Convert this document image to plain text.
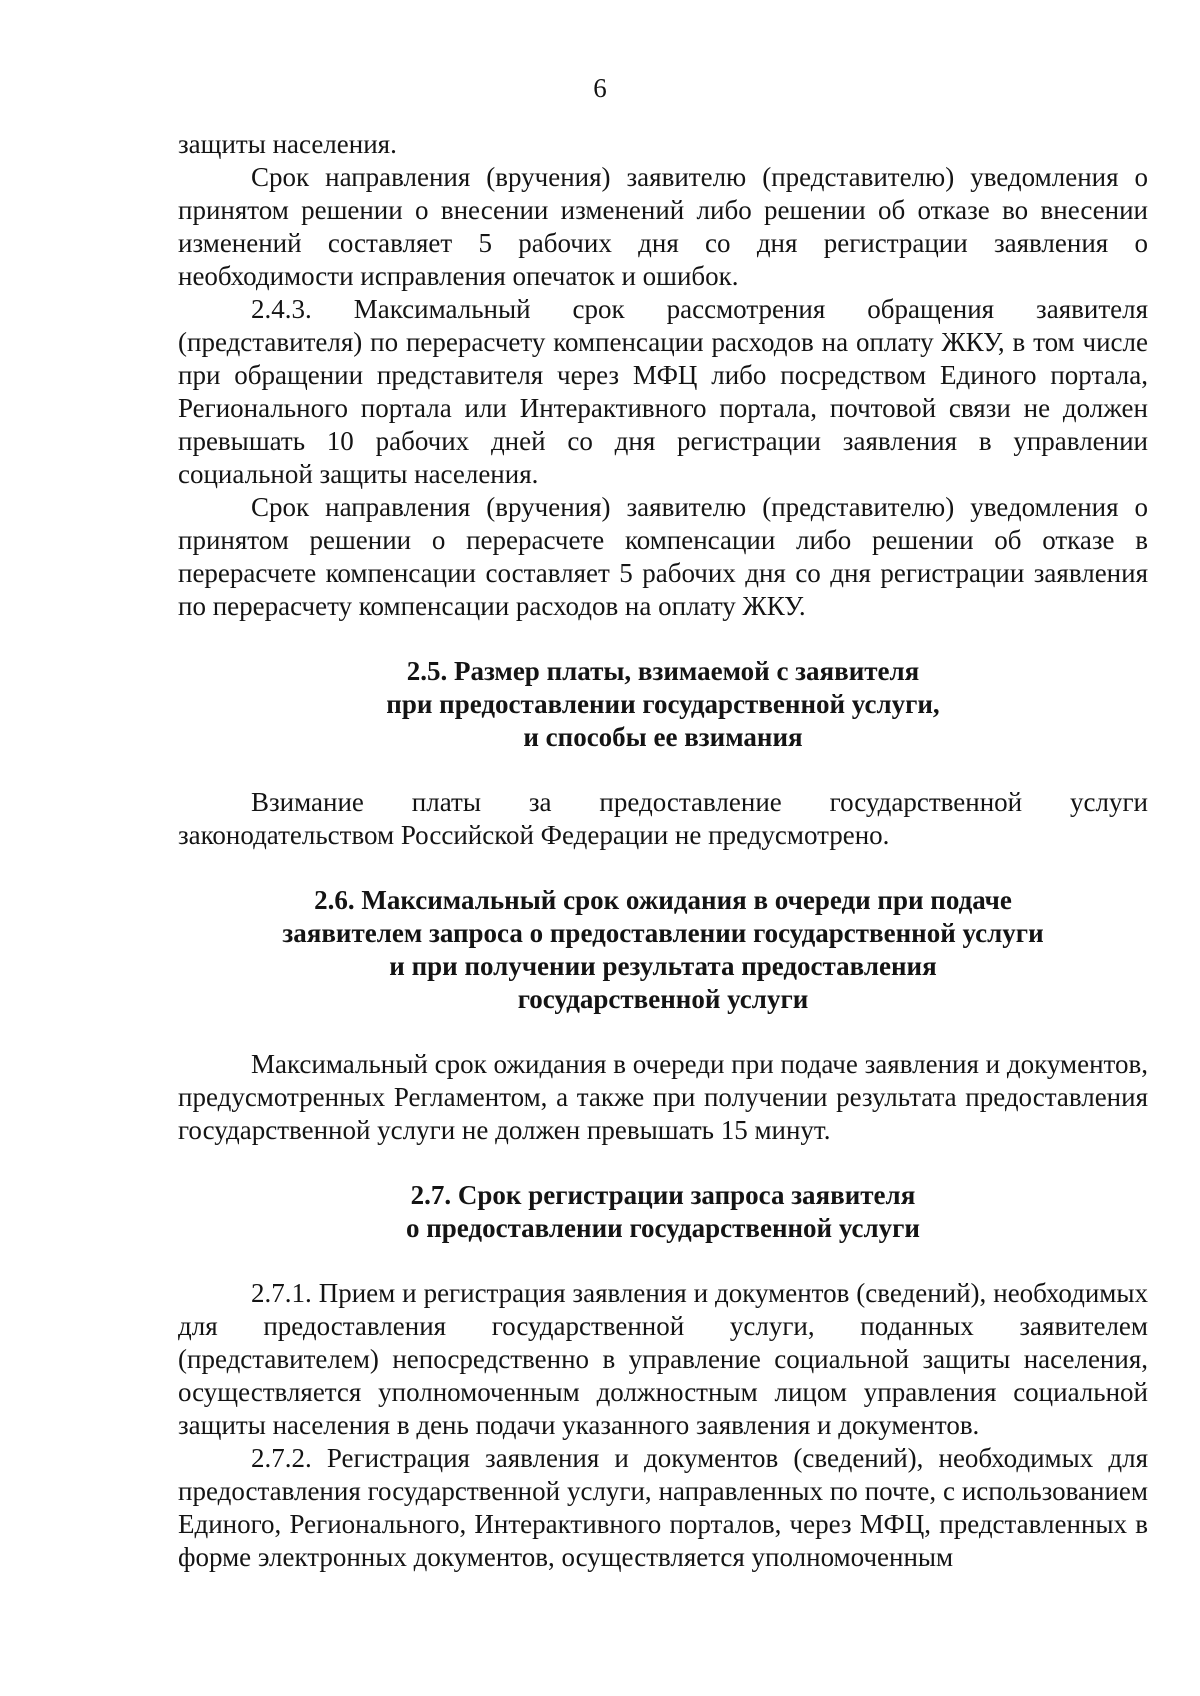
6

защиты населения.

Срок направления (вручения) заявителю (представителю) уведомления о принятом решении о внесении изменений либо решении об отказе во внесении изменений составляет 5 рабочих дня со дня регистрации заявления о необходимости исправления опечаток и ошибок.

2.4.3. Максимальный срок рассмотрения обращения заявителя (представителя) по перерасчету компенсации расходов на оплату ЖКУ, в том числе при обращении представителя через МФЦ либо посредством Единого портала, Регионального портала или Интерактивного портала, почтовой связи не должен превышать 10 рабочих дней со дня регистрации заявления в управлении социальной защиты населения.

Срок направления (вручения) заявителю (представителю) уведомления о принятом решении о перерасчете компенсации либо решении об отказе в перерасчете компенсации составляет 5 рабочих дня со дня регистрации заявления по перерасчету компенсации расходов на оплату ЖКУ.

2.5. Размер платы, взимаемой с заявителя
при предоставлении государственной услуги,
и способы ее взимания

Взимание платы за предоставление государственной услуги законодательством Российской Федерации не предусмотрено.

2.6. Максимальный срок ожидания в очереди при подаче
заявителем запроса о предоставлении государственной услуги
и при получении результата предоставления
государственной услуги

Максимальный срок ожидания в очереди при подаче заявления и документов, предусмотренных Регламентом, а также при получении результата предоставления государственной услуги не должен превышать 15 минут.

2.7. Срок регистрации запроса заявителя
о предоставлении государственной услуги

2.7.1. Прием и регистрация заявления и документов (сведений), необходимых для предоставления государственной услуги, поданных заявителем (представителем) непосредственно в управление социальной защиты населения, осуществляется уполномоченным должностным лицом управления социальной защиты населения в день подачи указанного заявления и документов.

2.7.2. Регистрация заявления и документов (сведений), необходимых для предоставления государственной услуги, направленных по почте, с использованием Единого, Регионального, Интерактивного порталов, через МФЦ, представленных в форме электронных документов, осуществляется уполномоченным
